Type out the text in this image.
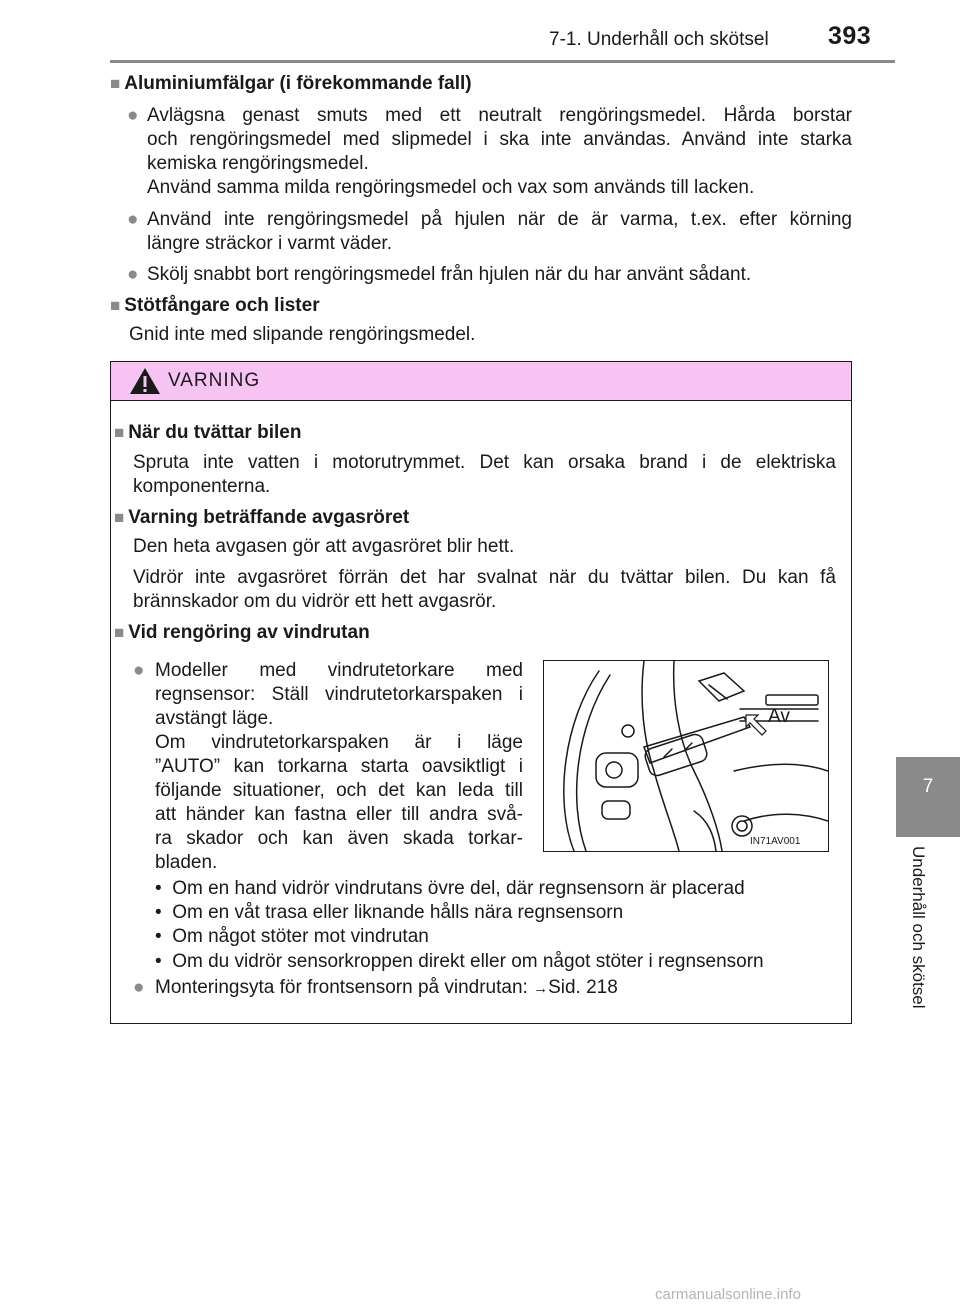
7-1. Underhåll och skötsel 393
7
Underhåll och skötsel
■ Aluminiumfälgar (i förekommande fall)
● Avlägsna genast smuts med ett neutralt rengöringsmedel. Hårda borstar
och rengöringsmedel med slipmedel i ska inte användas. Använd inte starka
kemiska rengöringsmedel.
Använd samma milda rengöringsmedel och vax som används till lacken.
● Använd inte rengöringsmedel på hjulen när de är varma, t.ex. efter körning
längre sträckor i varmt väder.
● Skölj snabbt bort rengöringsmedel från hjulen när du har använt sådant.
■ Stötfångare och lister
Gnid inte med slipande rengöringsmedel.
VARNING
■ När du tvättar bilen
Spruta inte vatten i motorutrymmet. Det kan orsaka brand i de elektriska
komponenterna.
■ Varning beträffande avgasröret
Den heta avgasen gör att avgasröret blir hett.
Vidrör inte avgasröret förrän det har svalnat när du tvättar bilen. Du kan få
brännskador om du vidrör ett hett avgasrör.
■ Vid rengöring av vindrutan
● Modeller med vindrutetorkare med
regnsensor: Ställ vindrutetorkarspaken i
avstängt läge.
Om vindrutetorkarspaken är i läge
”AUTO” kan torkarna starta oavsiktligt i
följande situationer, och det kan leda till
att händer kan fastna eller till andra svå-
ra skador och kan även skada torkar-
bladen.
•  Om en hand vidrör vindrutans övre del, där regnsensorn är placerad
•  Om en våt trasa eller liknande hålls nära regnsensorn
•  Om något stöter mot vindrutan
•  Om du vidrör sensorkroppen direkt eller om något stöter i regnsensorn
● Monteringsyta för frontsensorn på vindrutan: →Sid. 218
Av
IN71AV001
carmanualsonline.info
